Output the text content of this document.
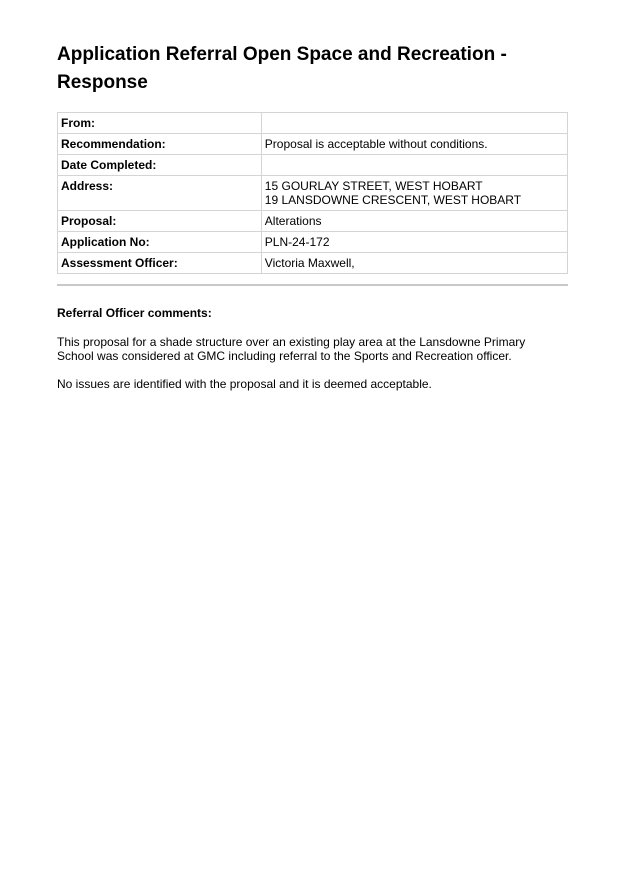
Application Referral Open Space and Recreation -
Response
From:	
Recommendation:	Proposal is acceptable without conditions.
Date Completed:	
Address:	15 GOURLAY STREET, WEST HOBART
19 LANSDOWNE CRESCENT, WEST HOBART

Proposal:	Alterations
Application No:	PLN-24-172
Assessment Officer:	Victoria Maxwell,
Referral Officer comments:

This proposal for a shade structure over an existing play area at the Lansdowne Primary
School was considered at GMC including referral to the Sports and Recreation officer.

No issues are identified with the proposal and it is deemed acceptable.
